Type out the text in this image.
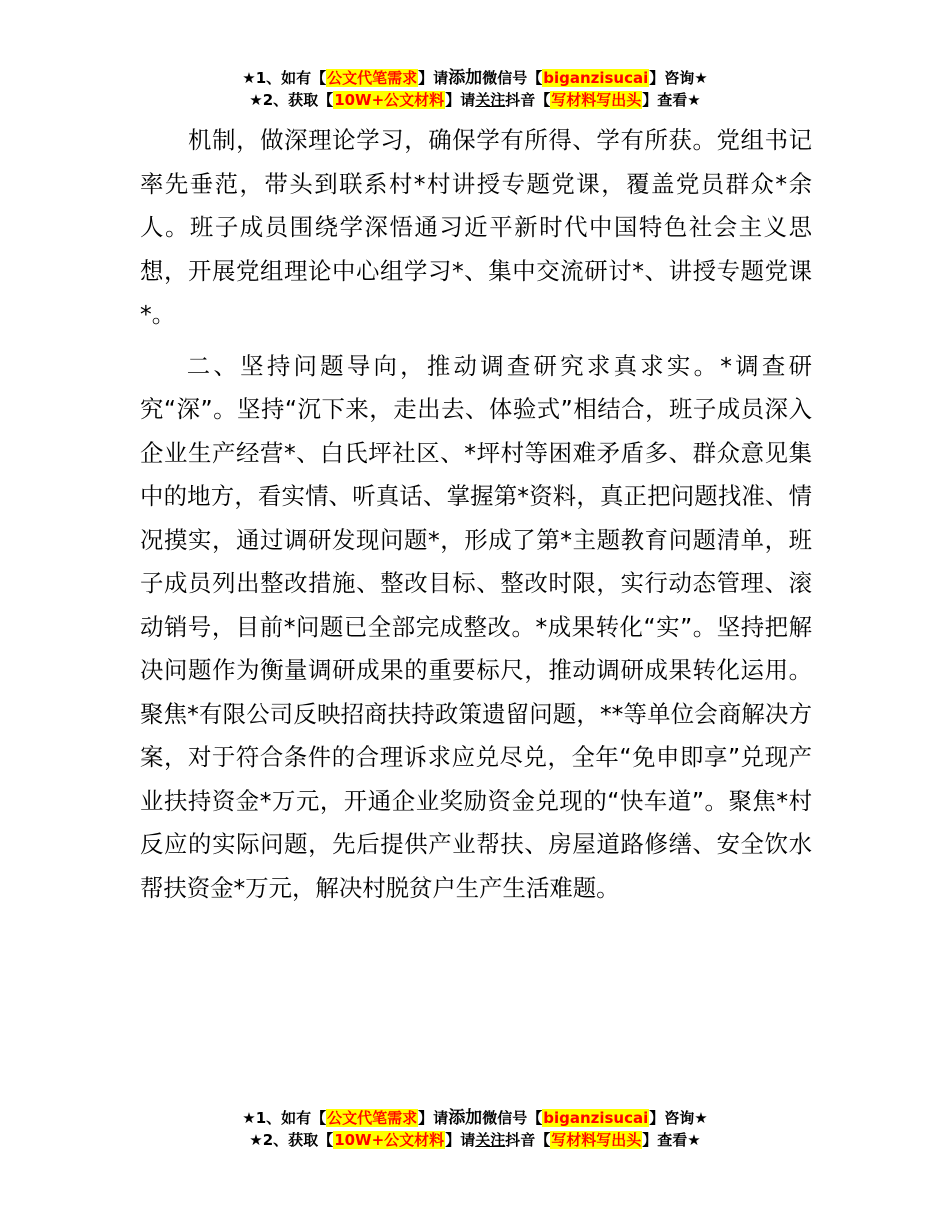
★1、如有【公文代笔需求】请添加微信号【biganzisucai】咨询★
★2、获取【10W+公文材料】请关注抖音【写材料写出头】查看★

　　机制，做深理论学习，确保学有所得、学有所获。党组书记率先垂范，带头到联系村*村讲授专题党课，覆盖党员群众*余人。班子成员围绕学深悟通习近平新时代中国特色社会主义思想，开展党组理论中心组学习*、集中交流研讨*、讲授专题党课*。

二、坚持问题导向，推动调查研究求真求实。*调查研究“深”。坚持“沉下来，走出去、体验式”相结合，班子成员深入企业生产经营*、白氏坪社区、*坪村等困难矛盾多、群众意见集中的地方，看实情、听真话、掌握第*资料，真正把问题找准、情况摸实，通过调研发现问题*，形成了第*主题教育问题清单，班子成员列出整改措施、整改目标、整改时限，实行动态管理、滚动销号，目前*问题已全部完成整改。*成果转化“实”。坚持把解决问题作为衡量调研成果的重要标尺，推动调研成果转化运用。聚焦*有限公司反映招商扶持政策遗留问题，**等单位会商解决方案，对于符合条件的合理诉求应兑尽兑，全年“免申即享”兑现产业扶持资金*万元，开通企业奖励资金兑现的“快车道”。聚焦*村反应的实际问题，先后提供产业帮扶、房屋道路修缮、安全饮水帮扶资金*万元，解决村脱贫户生产生活难题。

★1、如有【公文代笔需求】请添加微信号【biganzisucai】咨询★
★2、获取【10W+公文材料】请关注抖音【写材料写出头】查看★
